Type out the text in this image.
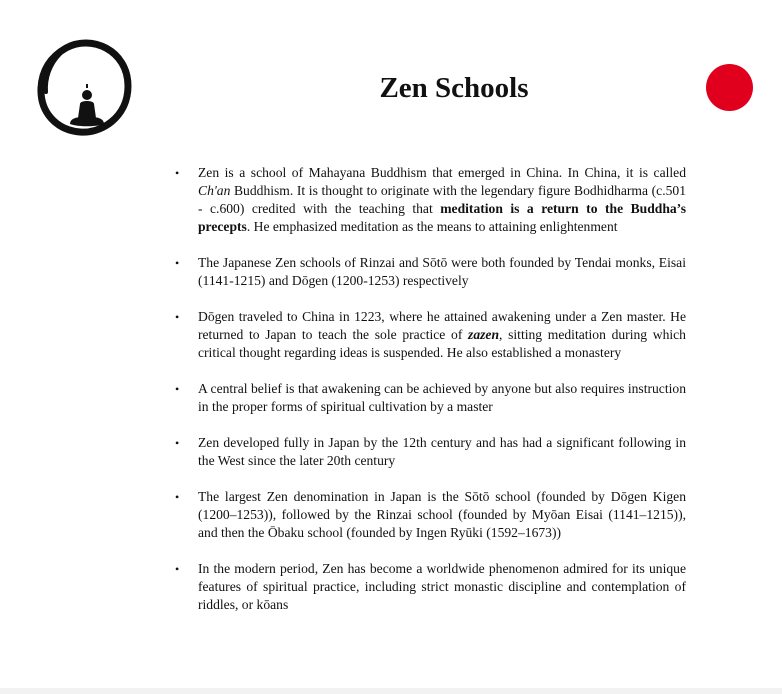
Zen Schools
• Zen is a school of Mahayana Buddhism that emerged in China. In China, it is called Ch'an Buddhism. It is thought to originate with the legendary figure Bodhidharma (c.501 - c.600) credited with the teaching that meditation is a return to the Buddha’s precepts. He emphasized meditation as the means to attaining enlightenment
• The Japanese Zen schools of Rinzai and Sōtō were both founded by Tendai monks, Eisai (1141-1215) and Dōgen (1200-1253) respectively
• Dōgen traveled to China in 1223, where he attained awakening under a Zen master. He returned to Japan to teach the sole practice of zazen, sitting meditation during which critical thought regarding ideas is suspended. He also established a monastery
• A central belief is that awakening can be achieved by anyone but also requires instruction in the proper forms of spiritual cultivation by a master
• Zen developed fully in Japan by the 12th century and has had a significant following in the West since the later 20th century
• The largest Zen denomination in Japan is the Sōtō school (founded by Dōgen Kigen (1200–1253)), followed by the Rinzai school (founded by Myōan Eisai (1141–1215)), and then the Ōbaku school (founded by Ingen Ryūki (1592–1673))
• In the modern period, Zen has become a worldwide phenomenon admired for its unique features of spiritual practice, including strict monastic discipline and contemplation of riddles, or kōans
